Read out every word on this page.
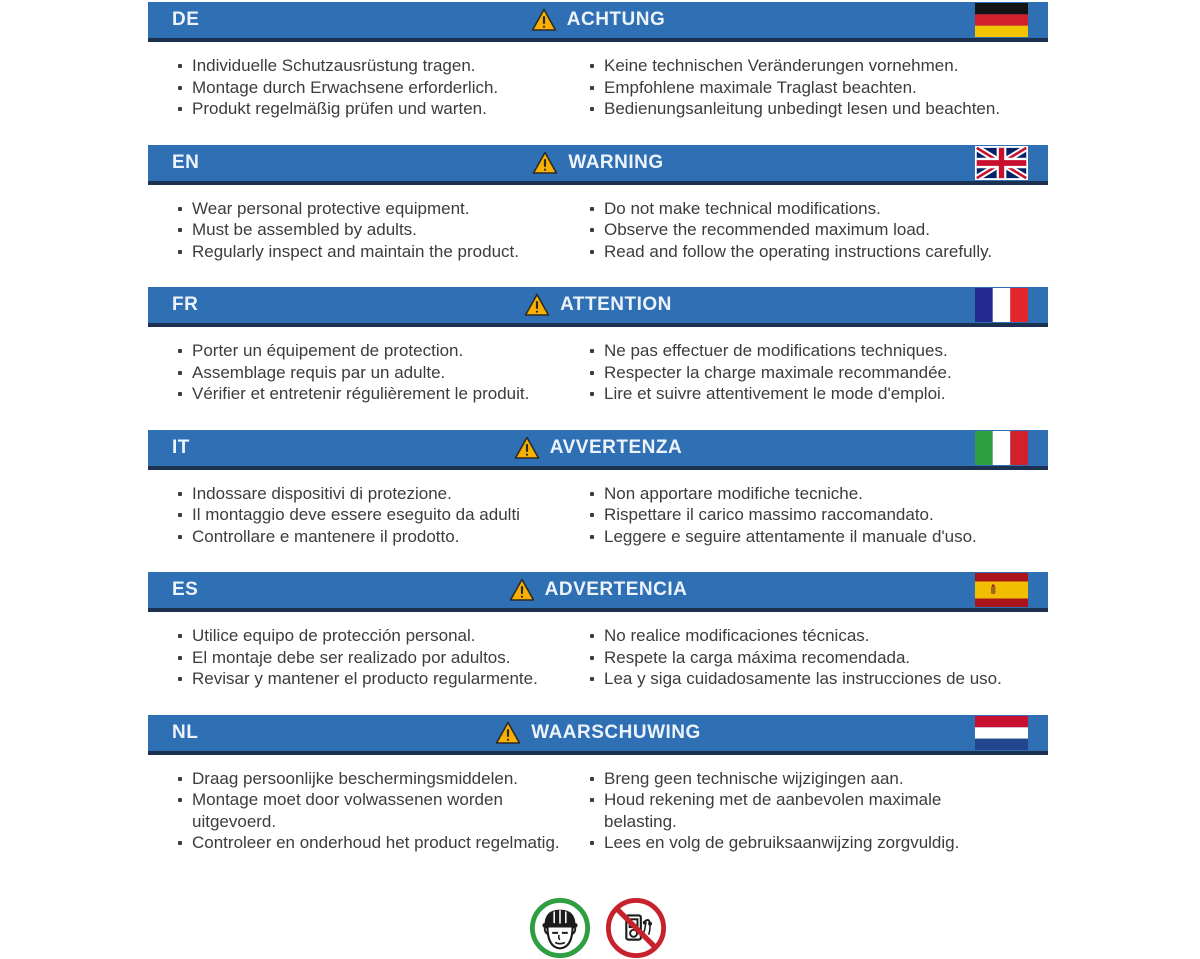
DE	ACHTUNG
Individuelle Schutzausrüstung tragen.
Montage durch Erwachsene erforderlich.
Produkt regelmäßig prüfen und warten.
Keine technischen Veränderungen vornehmen.
Empfohlene maximale Traglast beachten.
Bedienungsanleitung unbedingt lesen und beachten.
EN	WARNING
Wear personal protective equipment.
Must be assembled by adults.
Regularly inspect and maintain the product.
Do not make technical modifications.
Observe the recommended maximum load.
Read and follow the operating instructions carefully.
FR	ATTENTION
Porter un équipement de protection.
Assemblage requis par un adulte.
Vérifier et entretenir régulièrement le produit.
Ne pas effectuer de modifications techniques.
Respecter la charge maximale recommandée.
Lire et suivre attentivement le mode d'emploi.
IT	AVVERTENZA
Indossare dispositivi di protezione.
Il montaggio deve essere eseguito da adulti
Controllare e mantenere il prodotto.
Non apportare modifiche tecniche.
Rispettare il carico massimo raccomandato.
Leggere e seguire attentamente il manuale d'uso.
ES	ADVERTENCIA
Utilice equipo de protección personal.
El montaje debe ser realizado por adultos.
Revisar y mantener el producto regularmente.
No realice modificaciones técnicas.
Respete la carga máxima recomendada.
Lea y siga cuidadosamente las instrucciones de uso.
NL	WAARSCHUWING
Draag persoonlijke beschermingsmiddelen.
Montage moet door volwassenen worden uitgevoerd.
Controleer en onderhoud het product regelmatig.
Breng geen technische wijzigingen aan.
Houd rekening met de aanbevolen maximale belasting.
Lees en volg de gebruiksaanwijzing zorgvuldig.
